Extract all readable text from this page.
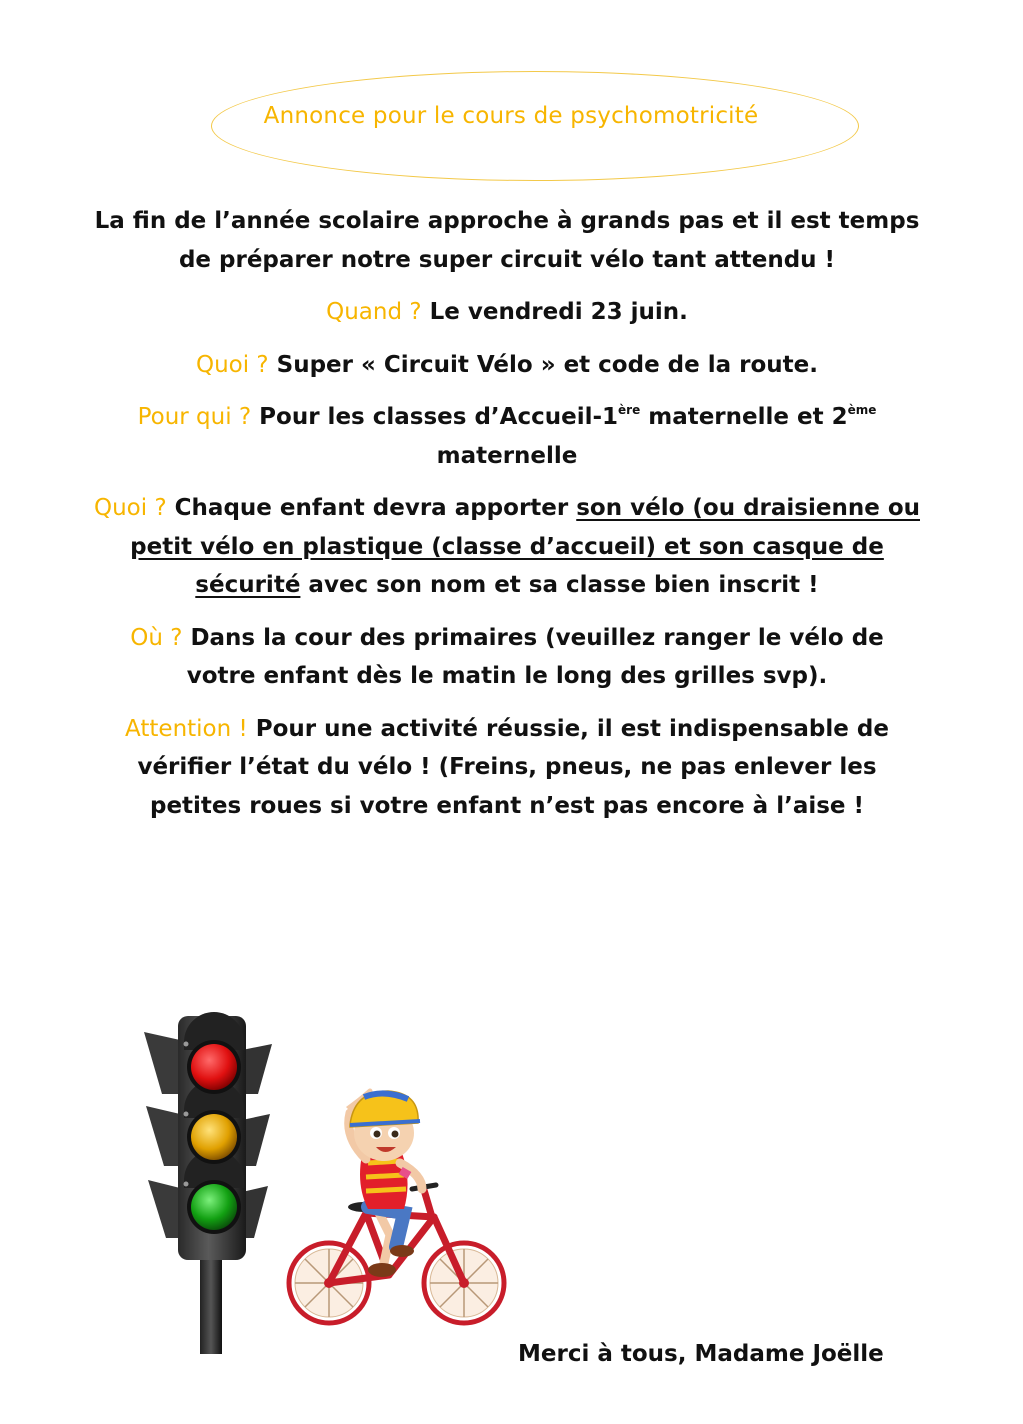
Annonce pour le cours de psychomotricité

La fin de l’année scolaire approche à grands pas et il est temps de préparer notre super circuit vélo tant attendu !

Quand ? Le vendredi 23 juin.

Quoi ? Super « Circuit Vélo » et code de la route.

Pour qui ? Pour les classes d’Accueil-1ère maternelle et 2ème
maternelle

Quoi ? Chaque enfant devra apporter son vélo (ou draisienne ou petit vélo en plastique (classe d’accueil) et son casque de sécurité avec son nom et sa classe bien inscrit !

Où ? Dans la cour des primaires (veuillez ranger le vélo de votre enfant dès le matin le long des grilles svp).

Attention ! Pour une activité réussie, il est indispensable de vérifier l’état du vélo ! (Freins, pneus, ne pas enlever les petites roues si votre enfant n’est pas encore à l’aise !

Merci à tous, Madame Joëlle
